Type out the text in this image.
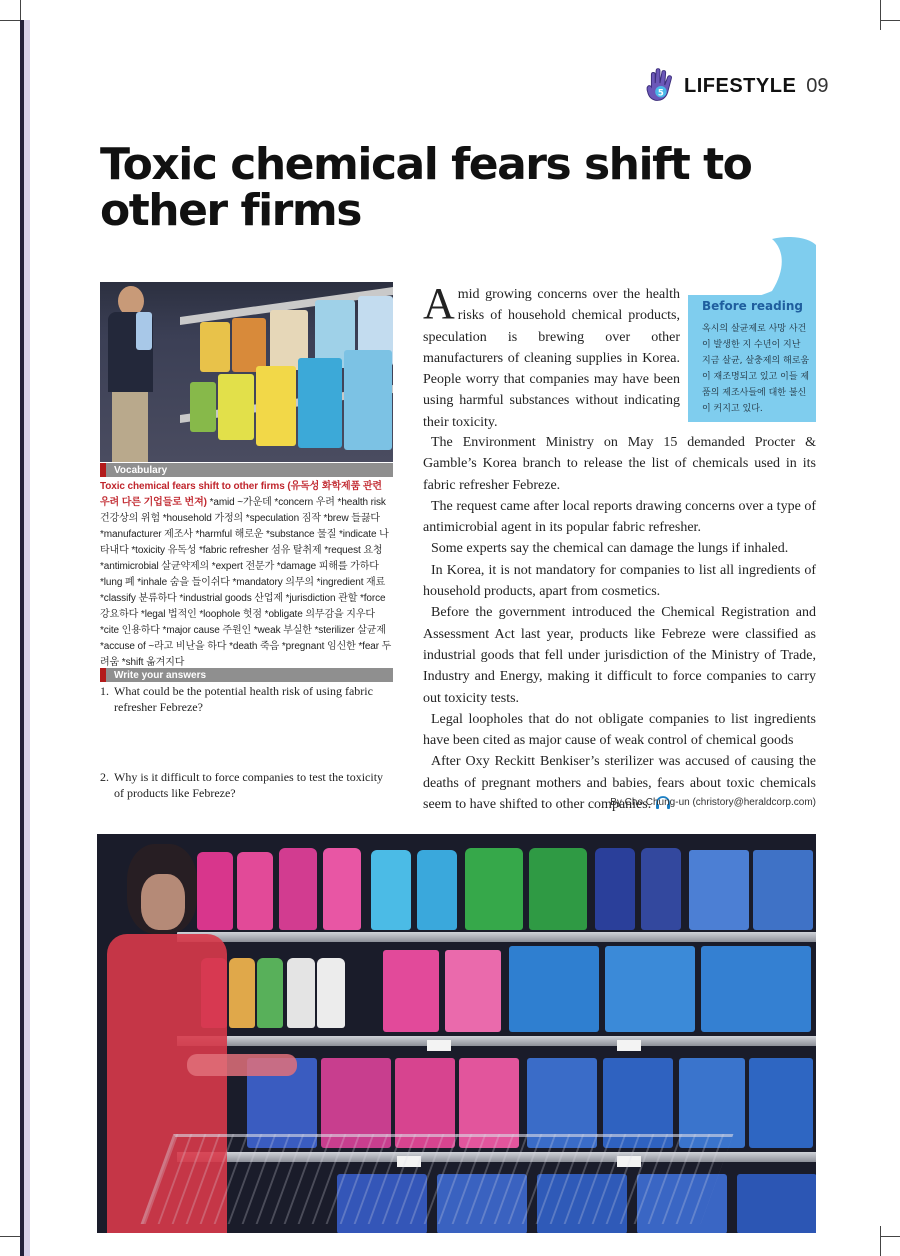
5 LIFESTYLE 09
Toxic chemical fears shift to other firms
Vocabulary
Toxic chemical fears shift to other firms (유독성 화학제품 관련 우려 다른 기업들로 번져) *amid ~가운데 *concern 우려 *health risk 건강상의 위험 *household 가정의 *speculation 짐작 *brew 들끓다 *manufacturer 제조사 *harmful 해로운 *substance 물질 *indicate 나타내다 *toxicity 유독성 *fabric refresher 섬유 탈취제 *request 요청 *antimicrobial 살균약제의 *expert 전문가 *damage 피해를 가하다 *lung 폐 *inhale 숨을 들이쉬다 *mandatory 의무의 *ingredient 재료 *classify 분류하다 *industrial goods 산업제 *jurisdiction 관할 *force 강요하다 *legal 법적인 *loophole 헛점 *obligate 의무감을 지우다 *cite 인용하다 *major cause 주원인 *weak 부실한 *sterilizer 살균제 *accuse of ~라고 비난을 하다 *death 죽음 *pregnant 임신한 *fear 두려움 *shift 옮겨지다
Write your answers
1. What could be the potential health risk of using fabric refresher Febreze?
2. Why is it difficult to force companies to test the toxicity of products like Febreze?
Before reading
옥시의 살균제로 사망 사건이 발생한 지 수년이 지난 지금 살균, 살충제의 해로움이 재조명되고 있고 이들 제품의 제조사들에 대한 불신이 커지고 있다.

Amid growing concerns over the health risks of household chemical products, speculation is brewing over other manufacturers of cleaning supplies in Korea. People worry that companies may have been using harmful substances without indicating their toxicity.

The Environment Ministry on May 15 demanded Procter & Gamble’s Korea branch to release the list of chemicals used in its fabric refresher Febreze.

The request came after local reports drawing concerns over a type of antimicrobial agent in its popular fabric refresher.

Some experts say the chemical can damage the lungs if inhaled.

In Korea, it is not mandatory for companies to list all ingredients of household products, apart from cosmetics.

Before the government introduced the Chemical Registration and Assessment Act last year, products like Febreze were classified as industrial goods that fell under jurisdiction of the Ministry of Trade, Industry and Energy, making it difficult to force companies to carry out toxicity tests.

Legal loopholes that do not obligate companies to list ingredients have been cited as major cause of weak control of chemical goods

After Oxy Reckitt Benkiser’s sterilizer was accused of causing the deaths of pregnant mothers and babies, fears about toxic chemicals seem to have shifted to other companies.

By Cho Chung-un (christory@heraldcorp.com)
